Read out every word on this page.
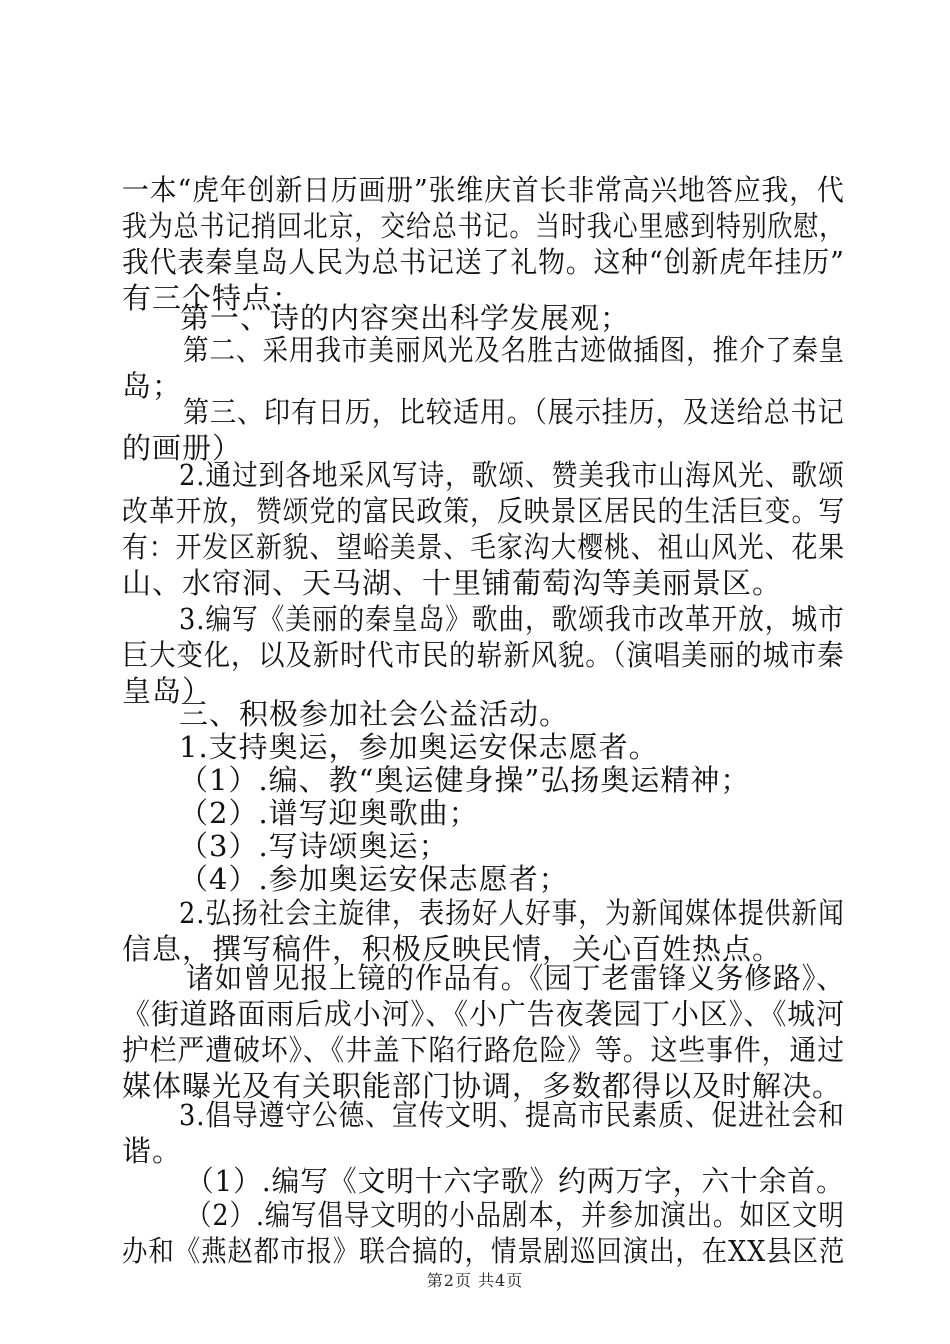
一本“虎年创新日历画册”张维庆首长非常高兴地答应我，代
我为总书记捎回北京，交给总书记。当时我心里感到特别欣慰，
我代表秦皇岛人民为总书记送了礼物。这种“创新虎年挂历”
有三个特点：
第一、诗的内容突出科学发展观；
第二、采用我市美丽风光及名胜古迹做插图，推介了秦皇
岛；
第三、印有日历，比较适用。（展示挂历，及送给总书记
的画册）
2.通过到各地采风写诗，歌颂、赞美我市山海风光、歌颂
改革开放，赞颂党的富民政策，反映景区居民的生活巨变。写
有：开发区新貌、望峪美景、毛家沟大樱桃、祖山风光、花果
山、水帘洞、天马湖、十里铺葡萄沟等美丽景区。
3.编写《美丽的秦皇岛》歌曲，歌颂我市改革开放，城市
巨大变化，以及新时代市民的崭新风貌。（演唱美丽的城市秦
皇岛）
三、积极参加社会公益活动。
1.支持奥运，参加奥运安保志愿者。
（1）.编、教“奥运健身操”弘扬奥运精神；
（2）.谱写迎奥歌曲；
（3）.写诗颂奥运；
（4）.参加奥运安保志愿者；
2.弘扬社会主旋律，表扬好人好事，为新闻媒体提供新闻
信息，撰写稿件，积极反映民情，关心百姓热点。
诸如曾见报上镜的作品有。《园丁老雷锋义务修路》、
《街道路面雨后成小河》、《小广告夜袭园丁小区》、《城河
护栏严遭破坏》、《井盖下陷行路危险》等。这些事件，通过
媒体曝光及有关职能部门协调，多数都得以及时解决。
3.倡导遵守公德、宣传文明、提高市民素质、促进社会和
谐。
（1）.编写《文明十六字歌》约两万字，六十余首。
（2）.编写倡导文明的小品剧本，并参加演出。如区文明
办和《燕赵都市报》联合搞的，情景剧巡回演出，在XX县区范
第2页 共4页
